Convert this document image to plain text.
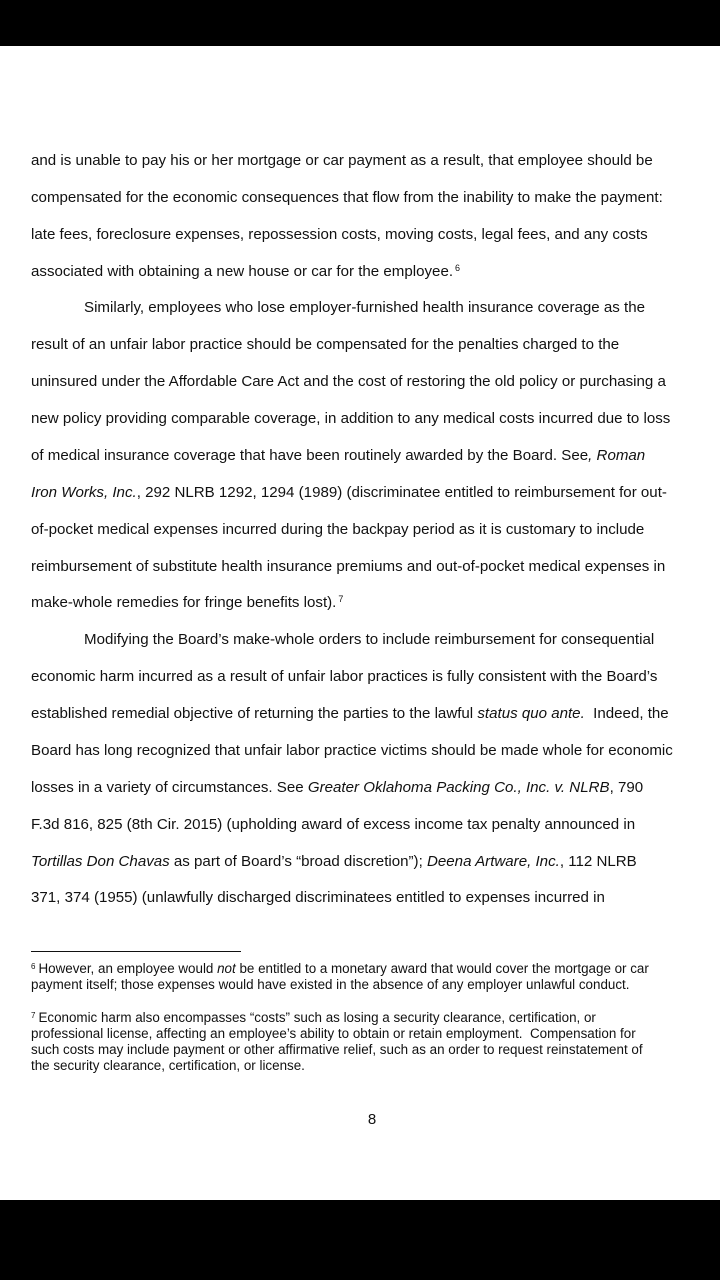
and is unable to pay his or her mortgage or car payment as a result, that employee should be
compensated for the economic consequences that flow from the inability to make the payment:
late fees, foreclosure expenses, repossession costs, moving costs, legal fees, and any costs
associated with obtaining a new house or car for the employee. $^6$
Similarly, employees who lose employer-furnished health insurance coverage as the
result of an unfair labor practice should be compensated for the penalties charged to the
uninsured under the Affordable Care Act and the cost of restoring the old policy or purchasing a
new policy providing comparable coverage, in addition to any medical costs incurred due to loss
of medical insurance coverage that have been routinely awarded by the Board. See, Roman
Iron Works, Inc., 292 NLRB 1292, 1294 (1989) (discriminatee entitled to reimbursement for out-
of-pocket medical expenses incurred during the backpay period as it is customary to include
reimbursement of substitute health insurance premiums and out-of-pocket medical expenses in
make-whole remedies for fringe benefits lost). $^7$
Modifying the Board’s make-whole orders to include reimbursement for consequential
economic harm incurred as a result of unfair labor practices is fully consistent with the Board’s
established remedial objective of returning the parties to the lawful status quo ante.  Indeed, the
Board has long recognized that unfair labor practice victims should be made whole for economic
losses in a variety of circumstances. See Greater Oklahoma Packing Co., Inc. v. NLRB, 790
F.3d 816, 825 (8th Cir. 2015) (upholding award of excess income tax penalty announced in
Tortillas Don Chavas as part of Board’s “broad discretion”); Deena Artware, Inc., 112 NLRB
371, 374 (1955) (unlawfully discharged discriminatees entitled to expenses incurred in
$^6$ However, an employee would not be entitled to a monetary award that would cover the mortgage or car
payment itself; those expenses would have existed in the absence of any employer unlawful conduct.
$^7$ Economic harm also encompasses “costs” such as losing a security clearance, certification, or
professional license, affecting an employee’s ability to obtain or retain employment.  Compensation for
such costs may include payment or other affirmative relief, such as an order to request reinstatement of
the security clearance, certification, or license.
8
